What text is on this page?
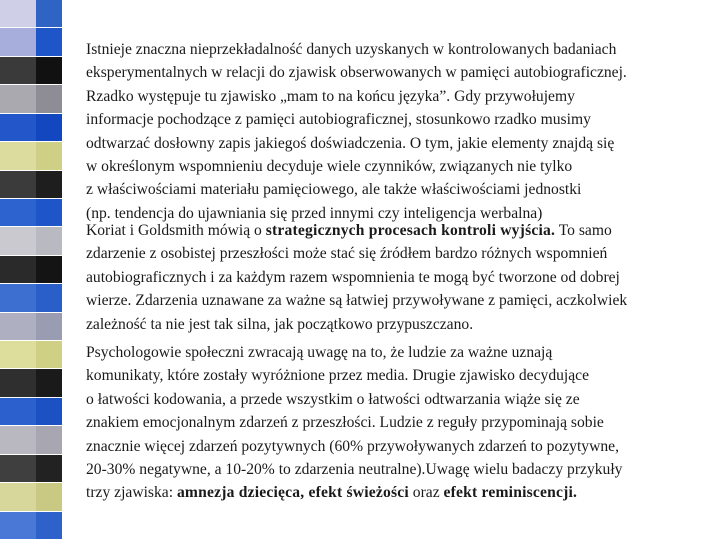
Istnieje znaczna nieprzekładalność danych uzyskanych w kontrolowanych badaniach
eksperymentalnych w relacji do zjawisk obserwowanych w pamięci autobiograficznej.
Rzadko występuje tu zjawisko „mam to na końcu języka”. Gdy przywołujemy
informacje pochodzące z pamięci autobiograficznej, stosunkowo rzadko musimy
odtwarzać dosłowny zapis jakiegoś doświadczenia. O tym, jakie elementy znajdą się
w określonym wspomnieniu decyduje wiele czynników, związanych nie tylko
z właściwościami materiału pamięciowego, ale także właściwościami jednostki
(np. tendencja do ujawniania się przed innymi czy inteligencja werbalna)

Koriat i Goldsmith mówią o strategicznych procesach kontroli wyjścia. To samo
zdarzenie z osobistej przeszłości może stać się źródłem bardzo różnych wspomnień
autobiograficznych i za każdym razem wspomnienia te mogą być tworzone od dobrej
wierze. Zdarzenia uznawane za ważne są łatwiej przywoływane z pamięci, aczkolwiek
zależność ta nie jest tak silna, jak początkowo przypuszczano.

Psychologowie społeczni zwracają uwagę na to, że ludzie za ważne uznają
komunikaty, które zostały wyróżnione przez media. Drugie zjawisko decydujące
o łatwości kodowania, a przede wszystkim o łatwości odtwarzania wiąże się ze
znakiem emocjonalnym zdarzeń z przeszłości. Ludzie z reguły przypominają sobie
znacznie więcej zdarzeń pozytywnych (60% przywoływanych zdarzeń to pozytywne,
20-30% negatywne, a 10-20% to zdarzenia neutralne).Uwagę wielu badaczy przykuły
trzy zjawiska: amnezja dziecięca, efekt świeżości oraz efekt reminiscencji.
